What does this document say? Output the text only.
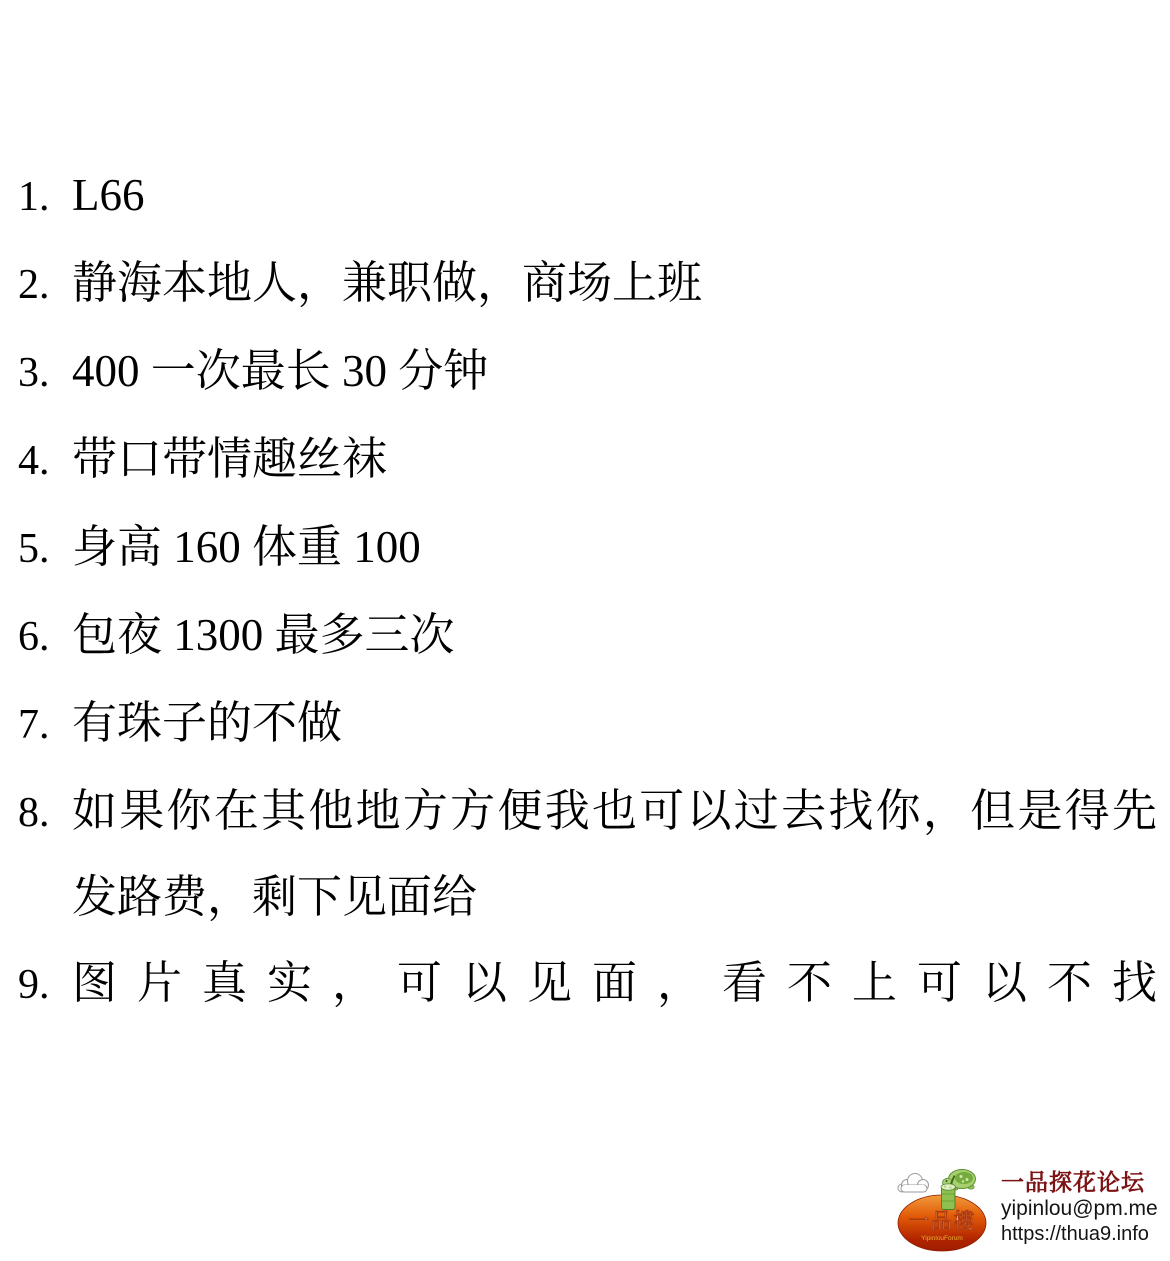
1. L66
2. 静海本地人，兼职做，商场上班
3. 400 一次最长 30 分钟
4. 带口带情趣丝袜
5. 身高 160 体重 100
6. 包夜 1300 最多三次
7. 有珠子的不做
8. 如果你在其他地方方便我也可以过去找你，但是得先
发路费，剩下见面给
9. 图片真实，可以见面，看不上可以不找
一品樓
YipinlouForum
一品探花论坛
yipinlou@pm.me
https://thua9.info
